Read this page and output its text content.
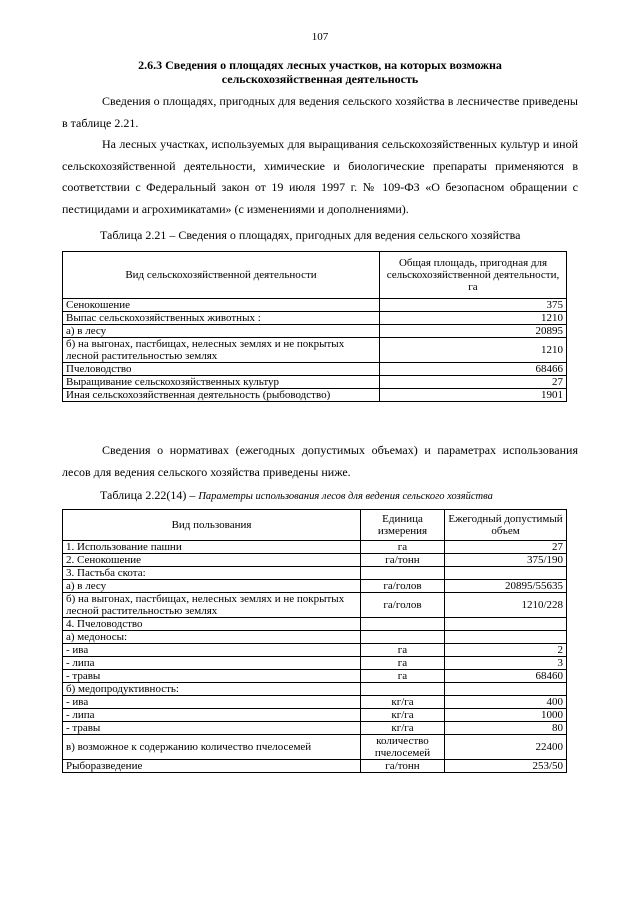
107
2.6.3 Сведения о площадях лесных участков, на которых возможна
сельскохозяйственная деятельность

Сведения о площадях, пригодных для ведения сельского хозяйства в лесничестве приведены в таблице 2.21.

На лесных участках, используемых для выращивания сельскохозяйственных культур и иной сельскохозяйственной деятельности, химические и биологические препараты применяются в соответствии с Федеральный закон от 19 июля 1997 г. № 109-ФЗ «О безопасном обращении с пестицидами и агрохимикатами» (с изменениями и дополнениями).

Таблица 2.21 – Сведения о площадях, пригодных для ведения сельского хозяйства
Вид сельскохозяйственной деятельности	Общая площадь, пригодная для сельскохозяйственной деятельности, га
Сенокошение	375
Выпас сельскохозяйственных животных :	1210
а) в лесу	20895
б) на выгонах, пастбищах, нелесных землях и не покрытых лесной растительностью землях	1210
Пчеловодство	68466
Выращивание сельскохозяйственных культур	27
Иная сельскохозяйственная деятельность (рыбоводство)	1901

Сведения о нормативах (ежегодных допустимых объемах) и параметрах использования лесов для ведения сельского хозяйства приведены ниже.

Таблица 2.22(14) – Параметры использования лесов для ведения сельского хозяйства
Вид пользования	Единица измерения	Ежегодный допустимый объем
1. Использование пашни	га	27
2. Сенокошение	га/тонн	375/190
3. Пастьба скота:		
а) в лесу	га/голов	20895/55635
б) на выгонах, пастбищах, нелесных землях и не покрытых лесной растительностью землях	га/голов	1210/228
4. Пчеловодство		
а) медоносы:		
- ива	га	2
- липа	га	3
- травы	га	68460
б) медопродуктивность:		
- ива	кг/га	400
- липа	кг/га	1000
- травы	кг/га	80
в) возможное к содержанию количество пчелосемей	количество пчелосемей	22400
Рыборазведение	га/тонн	253/50
